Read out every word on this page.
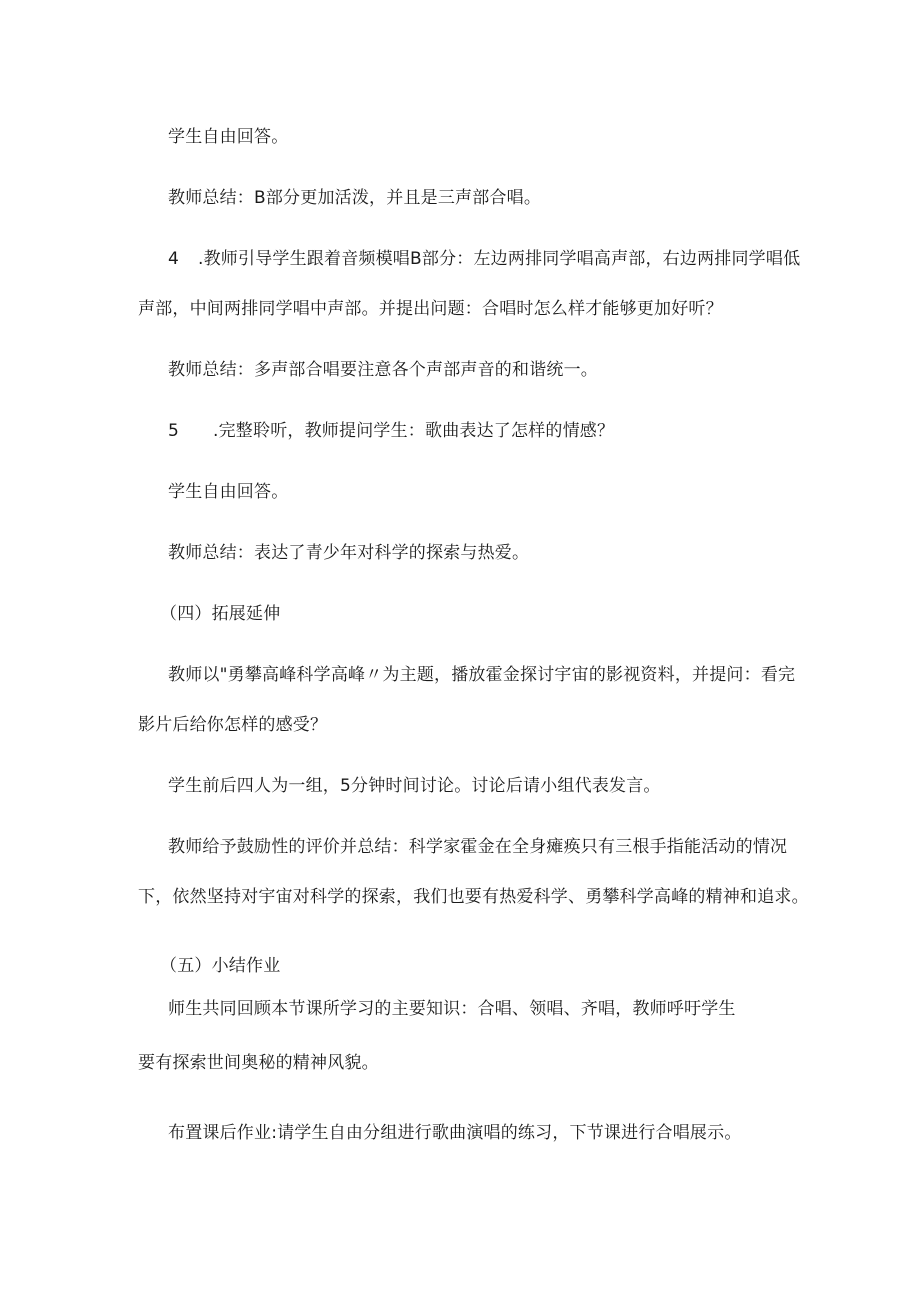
学生自由回答。
教师总结：B部分更加活泼，并且是三声部合唱。
4 .教师引导学生跟着音频模唱B部分：左边两排同学唱高声部，右边两排同学唱低
声部，中间两排同学唱中声部。并提出问题：合唱时怎么样才能够更加好听？
教师总结：多声部合唱要注意各个声部声音的和谐统一。
5 .完整聆听，教师提问学生：歌曲表达了怎样的情感？
学生自由回答。
教师总结：表达了青少年对科学的探索与热爱。
（四）拓展延伸
教师以"勇攀高峰科学高峰〃为主题，播放霍金探讨宇宙的影视资料，并提问：看完
影片后给你怎样的感受？
学生前后四人为一组，5分钟时间讨论。讨论后请小组代表发言。
教师给予鼓励性的评价并总结：科学家霍金在全身瘫痪只有三根手指能活动的情况
下，依然坚持对宇宙对科学的探索，我们也要有热爱科学、勇攀科学高峰的精神和追求。
（五）小结作业
师生共同回顾本节课所学习的主要知识：合唱、领唱、齐唱，教师呼吁学生
要有探索世间奥秘的精神风貌。
布置课后作业:请学生自由分组进行歌曲演唱的练习，下节课进行合唱展示。
